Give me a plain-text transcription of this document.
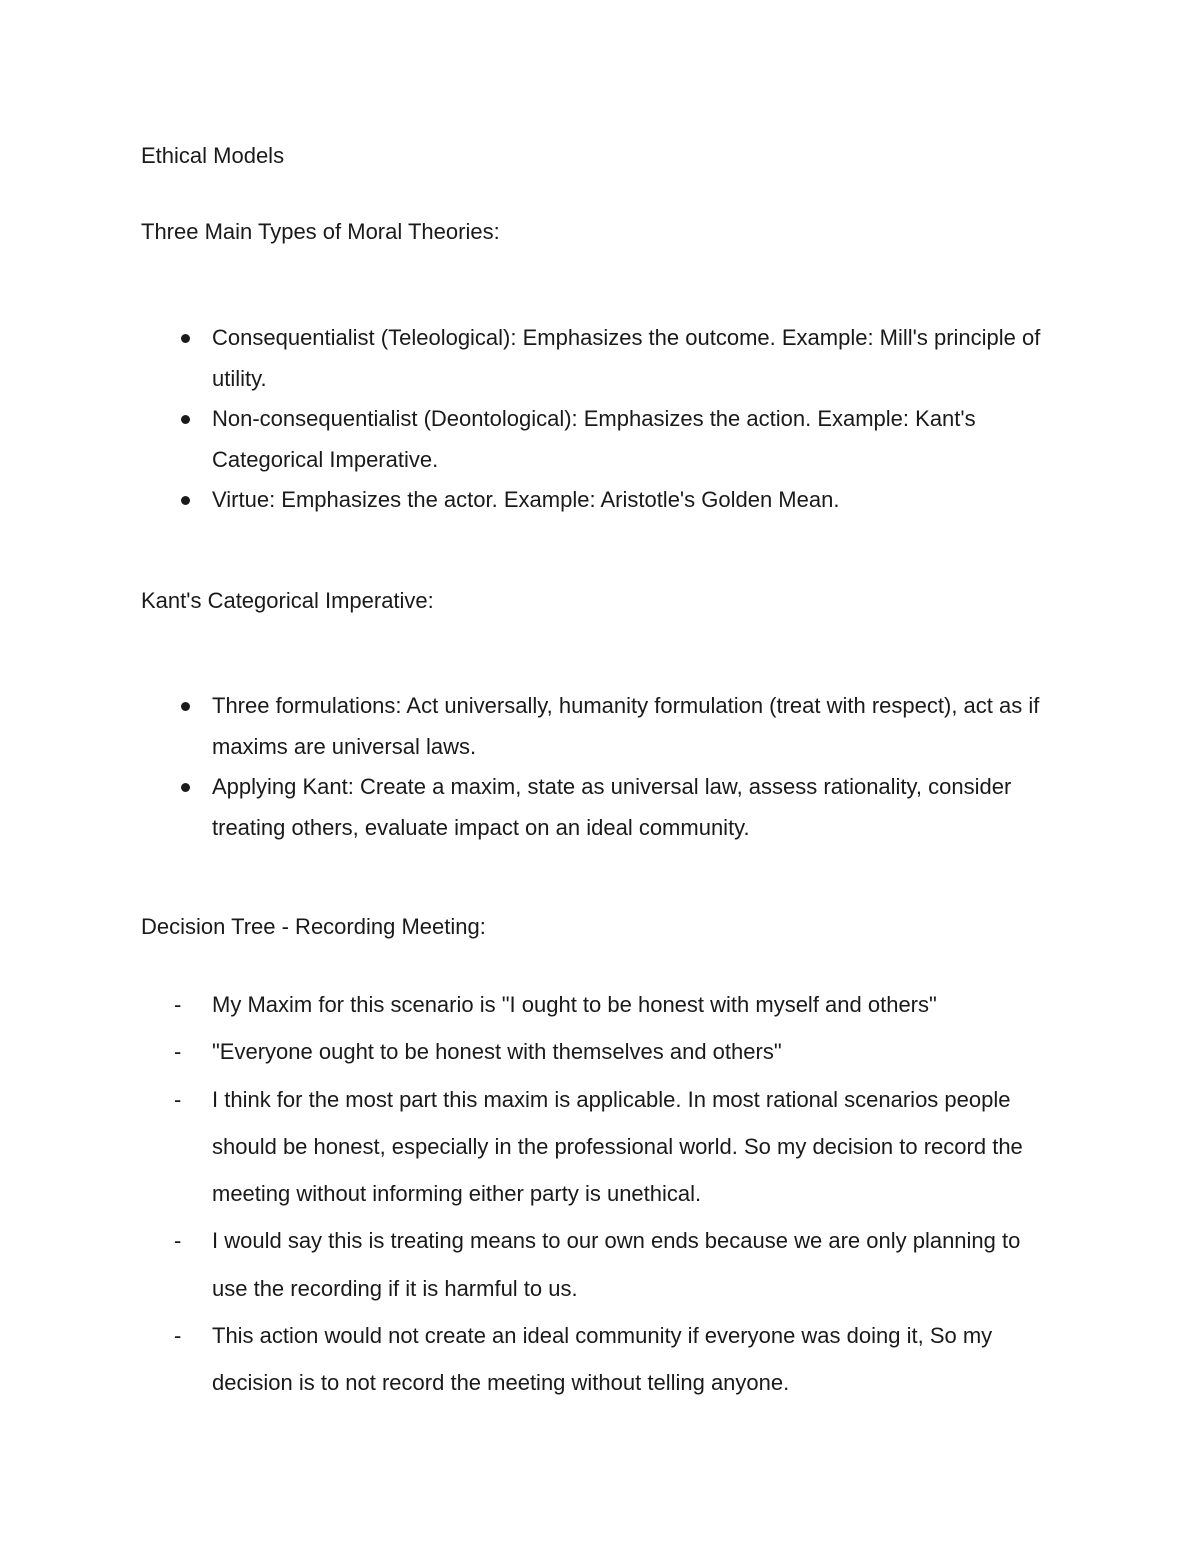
Ethical Models

Three Main Types of Moral Theories:

Consequentialist (Teleological): Emphasizes the outcome. Example: Mill's principle of utility.
Non-consequentialist (Deontological): Emphasizes the action. Example: Kant's Categorical Imperative.
Virtue: Emphasizes the actor. Example: Aristotle's Golden Mean.

Kant's Categorical Imperative:

Three formulations: Act universally, humanity formulation (treat with respect), act as if maxims are universal laws.
Applying Kant: Create a maxim, state as universal law, assess rationality, consider treating others, evaluate impact on an ideal community.

Decision Tree - Recording Meeting:

- My Maxim for this scenario is "I ought to be honest with myself and others"
- "Everyone ought to be honest with themselves and others"
- I think for the most part this maxim is applicable. In most rational scenarios people should be honest, especially in the professional world. So my decision to record the meeting without informing either party is unethical.
- I would say this is treating means to our own ends because we are only planning to use the recording if it is harmful to us.
- This action would not create an ideal community if everyone was doing it, So my decision is to not record the meeting without telling anyone.
